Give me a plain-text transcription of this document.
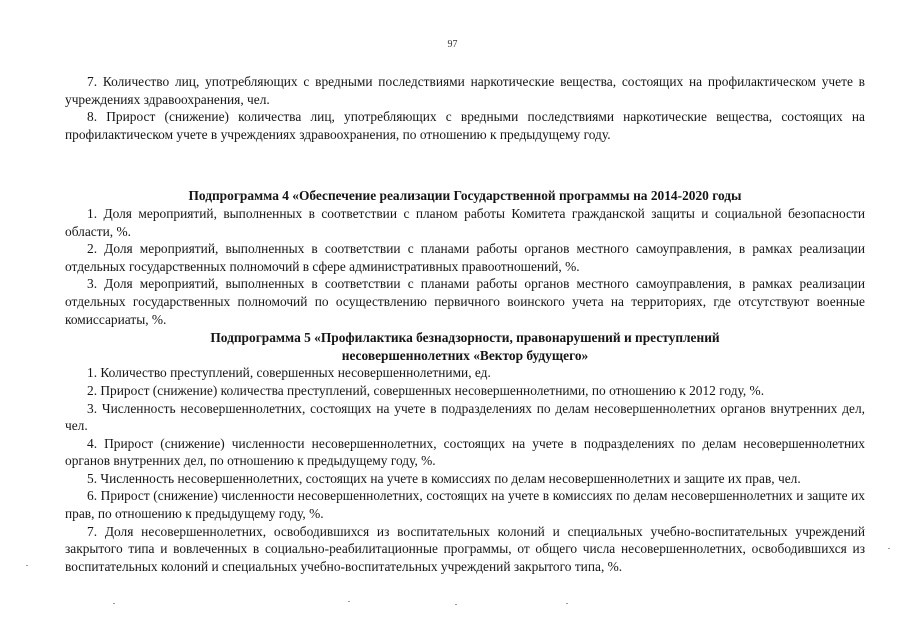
97

7. Количество лиц, употребляющих с вредными последствиями наркотические вещества, состоящих на профилактическом учете в учреждениях здравоохранения, чел.

8. Прирост (снижение) количества лиц, употребляющих с вредными последствиями наркотические вещества, состоящих на профилактическом учете в учреждениях здравоохранения, по отношению к предыдущему году.

Подпрограмма 4 «Обеспечение реализации Государственной программы на 2014-2020 годы

1. Доля мероприятий, выполненных в соответствии с планом работы Комитета гражданской защиты и социальной безопасности области, %.

2. Доля мероприятий, выполненных в соответствии с планами работы органов местного самоуправления, в рамках реализации отдельных государственных полномочий в сфере административных правоотношений, %.

3. Доля мероприятий, выполненных в соответствии с планами работы органов местного самоуправления, в рамках реализации отдельных государственных полномочий по осуществлению первичного воинского учета на территориях, где отсутствуют военные комиссариаты, %.

Подпрограмма 5 «Профилактика безнадзорности, правонарушений и преступлений

несовершеннолетних «Вектор будущего»

1. Количество преступлений, совершенных несовершеннолетними, ед.

2. Прирост (снижение) количества преступлений, совершенных несовершеннолетними, по отношению к 2012 году, %.

3. Численность несовершеннолетних, состоящих на учете в подразделениях по делам несовершеннолетних органов внутренних дел, чел.

4. Прирост (снижение) численности несовершеннолетних, состоящих на учете в подразделениях по делам несовершеннолетних органов внутренних дел, по отношению к предыдущему году, %.

5. Численность несовершеннолетних, состоящих на учете в комиссиях по делам несовершеннолетних и защите их прав, чел.

6. Прирост (снижение) численности несовершеннолетних, состоящих на учете в комиссиях по делам несовершеннолетних и защите их прав, по отношению к предыдущему году, %.

7. Доля несовершеннолетних, освободившихся из воспитательных колоний и специальных учебно-воспитательных учреждений закрытого типа и вовлеченных в социально-реабилитационные программы, от общего числа несовершеннолетних, освободившихся из воспитательных колоний и специальных учебно-воспитательных учреждений закрытого типа, %.
